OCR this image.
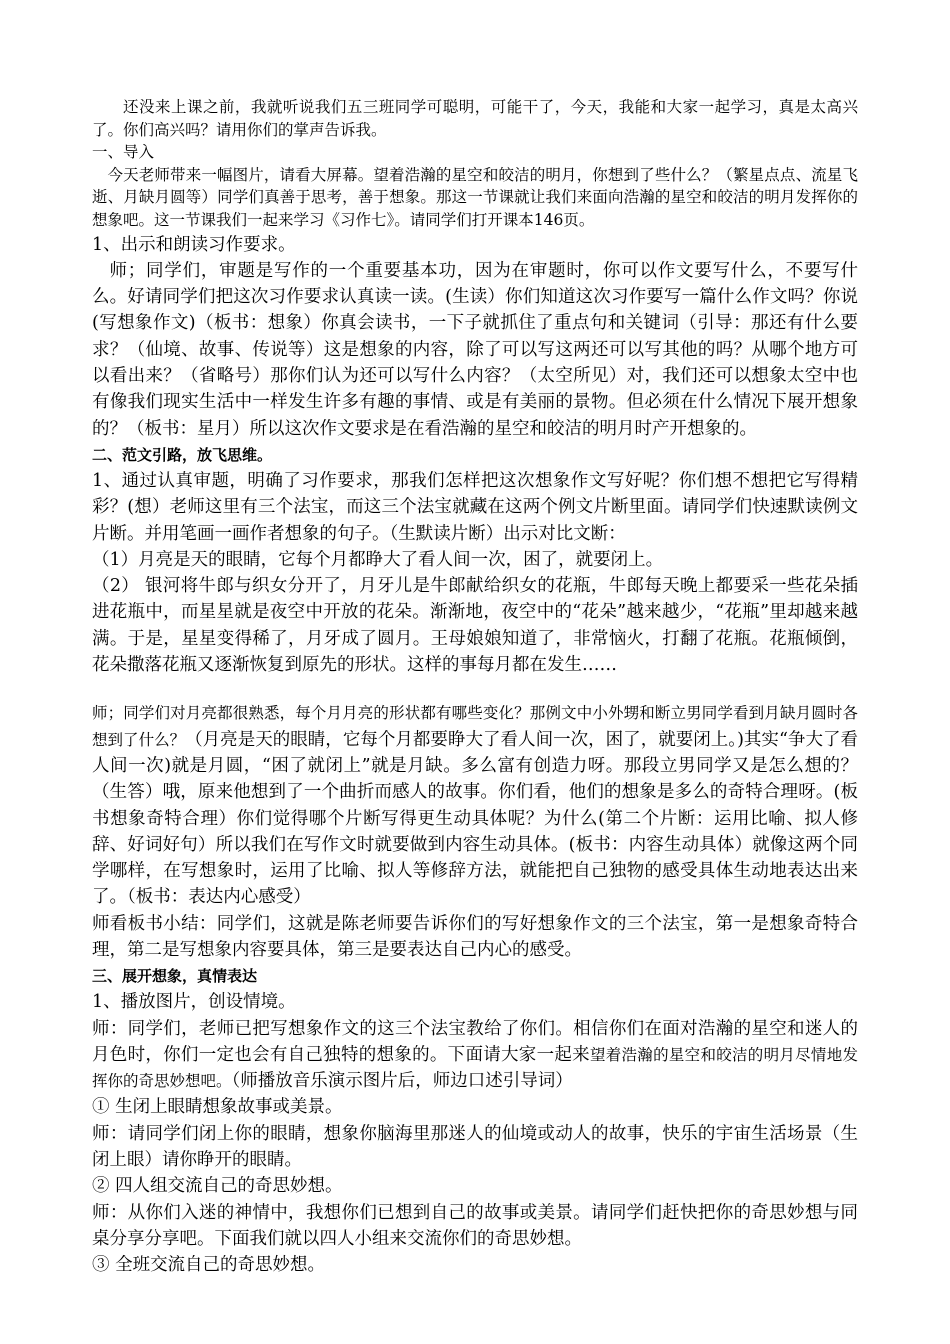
还没来上课之前，我就听说我们五三班同学可聪明，可能干了，今天，我能和大家一起学习，真是太高兴了。你们高兴吗？请用你们的掌声告诉我。

一、导入

今天老师带来一幅图片，请看大屏幕。望着浩瀚的星空和皎洁的明月，你想到了些什么？（繁星点点、流星飞逝、月缺月圆等）同学们真善于思考，善于想象。那这一节课就让我们来面向浩瀚的星空和皎洁的明月发挥你的想象吧。这一节课我们一起来学习《习作七》。请同学们打开课本146页。

1、出示和朗读习作要求。

师；同学们，审题是写作的一个重要基本功，因为在审题时，你可以作文要写什么，不要写什么。好请同学们把这次习作要求认真读一读。(生读）你们知道这次习作要写一篇什么作文吗？你说(写想象作文)（板书：想象）你真会读书，一下子就抓住了重点句和关键词（引导：那还有什么要求？（仙境、故事、传说等）这是想象的内容，除了可以写这两还可以写其他的吗？从哪个地方可以看出来？（省略号）那你们认为还可以写什么内容？（太空所见）对，我们还可以想象太空中也有像我们现实生活中一样发生许多有趣的事情、或是有美丽的景物。但必须在什么情况下展开想象的？（板书：星月）所以这次作文要求是在看浩瀚的星空和皎洁的明月时产开想象的。

二、范文引路，放飞思维。

1、通过认真审题，明确了习作要求，那我们怎样把这次想象作文写好呢？你们想不想把它写得精彩？(想）老师这里有三个法宝，而这三个法宝就藏在这两个例文片断里面。请同学们快速默读例文片断。并用笔画一画作者想象的句子。（生默读片断）出示对比文断：

（1）月亮是天的眼睛，它每个月都睁大了看人间一次，困了，就要闭上。

（2） 银河将牛郎与织女分开了，月牙儿是牛郎献给织女的花瓶，牛郎每天晚上都要采一些花朵插进花瓶中，而星星就是夜空中开放的花朵。渐渐地，夜空中的“花朵”越来越少，“花瓶”里却越来越满。于是，星星变得稀了，月牙成了圆月。王母娘娘知道了，非常恼火，打翻了花瓶。花瓶倾倒，花朵撒落花瓶又逐渐恢复到原先的形状。这样的事每月都在发生……

师；同学们对月亮都很熟悉，每个月月亮的形状都有哪些变化？那例文中小外甥和断立男同学看到月缺月圆时各想到了什么？（月亮是天的眼睛，它每个月都要睁大了看人间一次，困了，就要闭上。)其实“争大了看人间一次)就是月圆，“困了就闭上”就是月缺。多么富有创造力呀。那段立男同学又是怎么想的？（生答）哦，原来他想到了一个曲折而感人的故事。你们看，他们的想象是多么的奇特合理呀。(板书想象奇特合理）你们觉得哪个片断写得更生动具体呢？为什么(第二个片断：运用比喻、拟人修辞、好词好句）所以我们在写作文时就要做到内容生动具体。(板书：内容生动具体）就像这两个同学哪样，在写想象时，运用了比喻、拟人等修辞方法，就能把自己独物的感受具体生动地表达出来了。（板书：表达内心感受）

师看板书小结：同学们，这就是陈老师要告诉你们的写好想象作文的三个法宝，第一是想象奇特合理，第二是写想象内容要具体，第三是要表达自己内心的感受。

三、展开想象，真情表达

1、播放图片，创设情境。

师：同学们，老师已把写想象作文的这三个法宝教给了你们。相信你们在面对浩瀚的星空和迷人的月色时，你们一定也会有自己独特的想象的。下面请大家一起来望着浩瀚的星空和皎洁的明月尽情地发挥你的奇思妙想吧。（师播放音乐演示图片后，师边口述引导词）

① 生闭上眼睛想象故事或美景。

师：请同学们闭上你的眼睛，想象你脑海里那迷人的仙境或动人的故事，快乐的宇宙生活场景（生闭上眼）请你睁开的眼睛。

② 四人组交流自己的奇思妙想。

师：从你们入迷的神情中，我想你们已想到自己的故事或美景。请同学们赶快把你的奇思妙想与同桌分享分享吧。下面我们就以四人小组来交流你们的奇思妙想。

③ 全班交流自己的奇思妙想。
